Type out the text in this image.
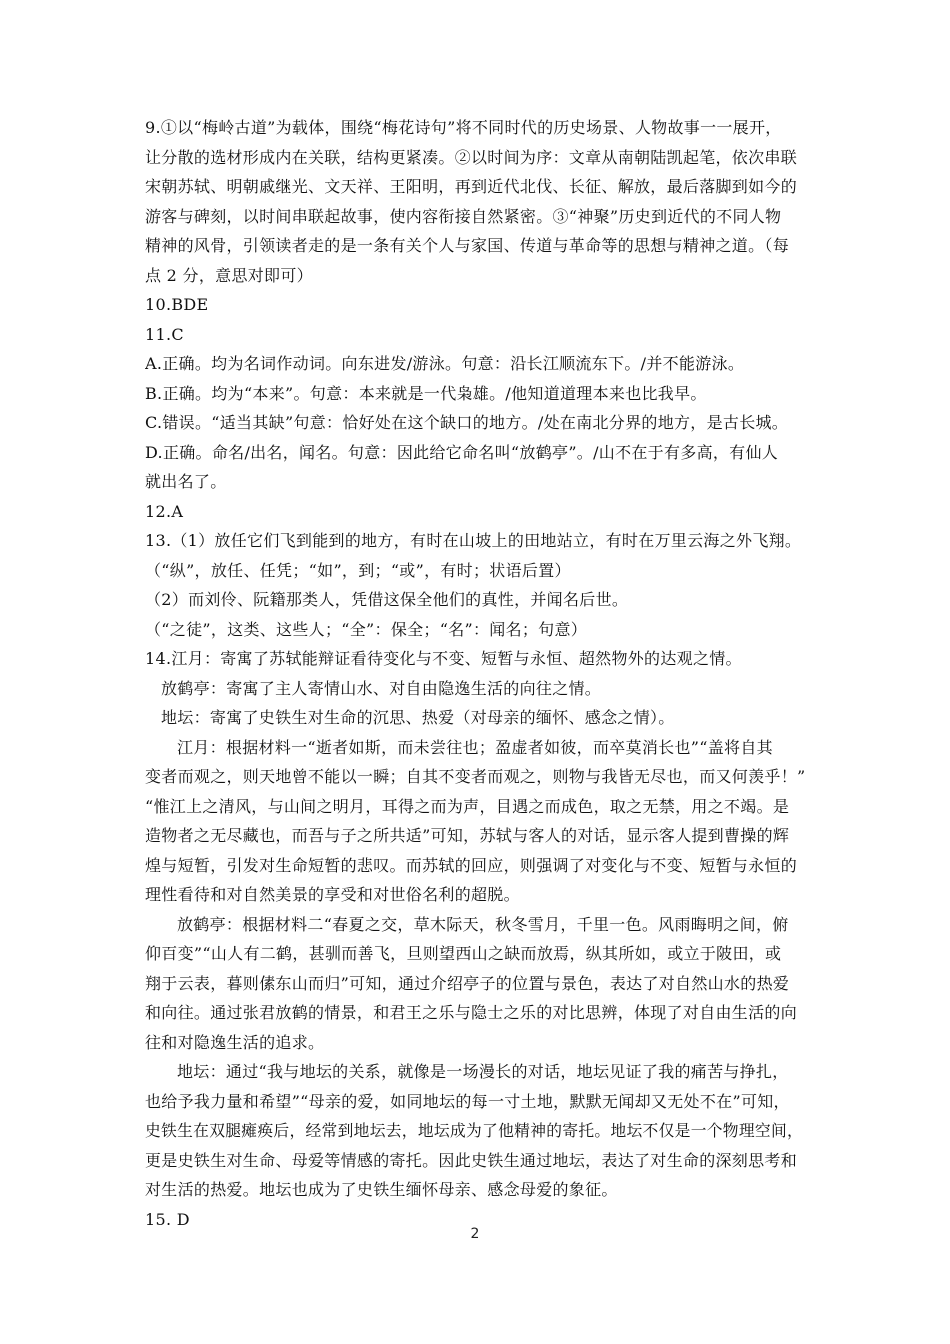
9.①以“梅岭古道”为载体，围绕“梅花诗句”将不同时代的历史场景、人物故事一一展开，
让分散的选材形成内在关联，结构更紧凑。②以时间为序：文章从南朝陆凯起笔，依次串联
宋朝苏轼、明朝戚继光、文天祥、王阳明，再到近代北伐、长征、解放，最后落脚到如今的
游客与碑刻，以时间串联起故事，使内容衔接自然紧密。③“神聚”历史到近代的不同人物
精神的风骨，引领读者走的是一条有关个人与家国、传道与革命等的思想与精神之道。（每
点 2 分，意思对即可）
10.BDE
11.C
A.正确。均为名词作动词。向东进发/游泳。句意：沿长江顺流东下。/并不能游泳。
B.正确。均为“本来”。句意：本来就是一代枭雄。/他知道道理本来也比我早。
C.错误。“适当其缺”句意：恰好处在这个缺口的地方。/处在南北分界的地方，是古长城。
D.正确。命名/出名，闻名。句意：因此给它命名叫“放鹤亭”。/山不在于有多高，有仙人
就出名了。
12.A
13.（1）放任它们飞到能到的地方，有时在山坡上的田地站立，有时在万里云海之外飞翔。
（“纵”，放任、任凭；“如”，到；“或”，有时；状语后置）
（2）而刘伶、阮籍那类人，凭借这保全他们的真性，并闻名后世。
（“之徒”，这类、这些人；“全”：保全；“名”：闻名；句意）
14.江月：寄寓了苏轼能辩证看待变化与不变、短暂与永恒、超然物外的达观之情。
放鹤亭：寄寓了主人寄情山水、对自由隐逸生活的向往之情。
地坛：寄寓了史铁生对生命的沉思、热爱（对母亲的缅怀、感念之情）。
江月：根据材料一“逝者如斯，而未尝往也；盈虚者如彼，而卒莫消长也”“盖将自其
变者而观之，则天地曾不能以一瞬；自其不变者而观之，则物与我皆无尽也，而又何羡乎！”
“惟江上之清风，与山间之明月，耳得之而为声，目遇之而成色，取之无禁，用之不竭。是
造物者之无尽藏也，而吾与子之所共适”可知，苏轼与客人的对话，显示客人提到曹操的辉
煌与短暂，引发对生命短暂的悲叹。而苏轼的回应，则强调了对变化与不变、短暂与永恒的
理性看待和对自然美景的享受和对世俗名利的超脱。
放鹤亭：根据材料二“春夏之交，草木际天，秋冬雪月，千里一色。风雨晦明之间，俯
仰百变”“山人有二鹤，甚驯而善飞，旦则望西山之缺而放焉，纵其所如，或立于陂田，或
翔于云表，暮则傃东山而归”可知，通过介绍亭子的位置与景色，表达了对自然山水的热爱
和向往。通过张君放鹤的情景，和君王之乐与隐士之乐的对比思辨，体现了对自由生活的向
往和对隐逸生活的追求。
地坛：通过“我与地坛的关系，就像是一场漫长的对话，地坛见证了我的痛苦与挣扎，
也给予我力量和希望”“母亲的爱，如同地坛的每一寸土地，默默无闻却又无处不在”可知，
史铁生在双腿瘫痪后，经常到地坛去，地坛成为了他精神的寄托。地坛不仅是一个物理空间，
更是史铁生对生命、母爱等情感的寄托。因此史铁生通过地坛，表达了对生命的深刻思考和
对生活的热爱。地坛也成为了史铁生缅怀母亲、感念母爱的象征。
15. D
2
